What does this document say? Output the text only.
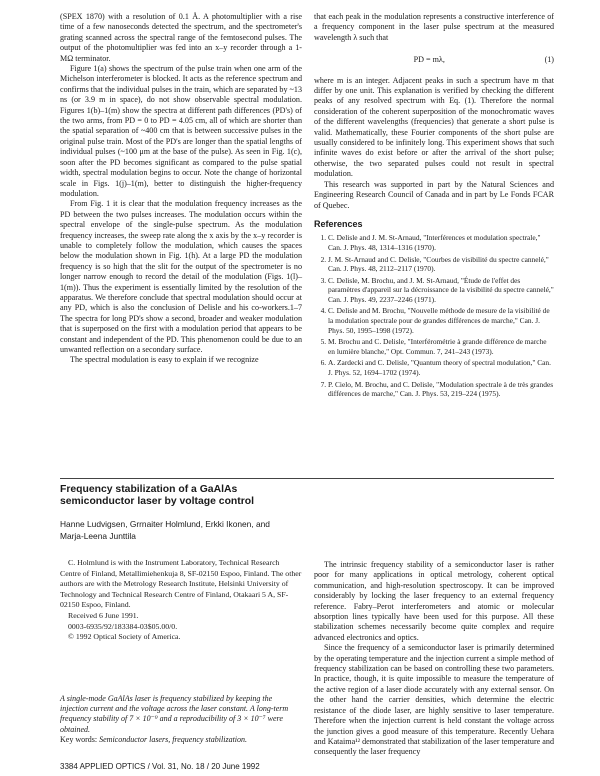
(SPEX 1870) with a resolution of 0.1 Å. A photomultiplier with a rise time of a few nanoseconds detected the spectrum, and the spectrometer's grating scanned across the spectral range of the femtosecond pulses. The output of the photomultiplier was fed into an x–y recorder through a 1-MΩ terminator.

Figure 1(a) shows the spectrum of the pulse train when one arm of the Michelson interferometer is blocked. It acts as the reference spectrum and confirms that the individual pulses in the train, which are separated by ~13 ns (or 3.9 m in space), do not show observable spectral modulation. Figures 1(b)–1(m) show the spectra at different path differences (PD's) of the two arms, from PD = 0 to PD = 4.05 cm, all of which are shorter than the spatial separation of ~400 cm that is between successive pulses in the original pulse train. Most of the PD's are longer than the spatial lengths of individual pulses (~100 μm at the base of the pulse). As seen in Fig. 1(c), soon after the PD becomes significant as compared to the pulse spatial width, spectral modulation begins to occur. Note the change of horizontal scale in Figs. 1(j)–1(m), better to distinguish the higher-frequency modulation.

From Fig. 1 it is clear that the modulation frequency increases as the PD between the two pulses increases. The modulation occurs within the spectral envelope of the single-pulse spectrum. As the modulation frequency increases, the sweep rate along the x axis by the x–y recorder is unable to completely follow the modulation, which causes the spaces below the modulation shown in Fig. 1(h). At a large PD the modulation frequency is so high that the slit for the output of the spectrometer is no longer narrow enough to record the detail of the modulation (Figs. 1(l)–1(m)). Thus the experiment is essentially limited by the resolution of the apparatus. We therefore conclude that spectral modulation should occur at any PD, which is also the conclusion of Delisle and his co-workers.1–7 The spectra for long PD's show a second, broader and weaker modulation that is superposed on the first with a modulation period that appears to be constant and independent of the PD. This phenomenon could be due to an unwanted reflection on a secondary surface.

The spectral modulation is easy to explain if we recognize

that each peak in the modulation represents a constructive interference of a frequency component in the laser pulse spectrum at the measured wavelength λ such that

PD = mλ,	(1)

where m is an integer. Adjacent peaks in such a spectrum have m that differ by one unit. This explanation is verified by checking the different peaks of any resolved spectrum with Eq. (1). Therefore the normal consideration of the coherent superposition of the monochromatic waves of the different wavelengths (frequencies) that generate a short pulse is valid. Mathematically, these Fourier components of the short pulse are usually considered to be infinitely long. This experiment shows that such infinite waves do exist before or after the arrival of the short pulse; otherwise, the two separated pulses could not result in spectral modulation.

This research was supported in part by the Natural Sciences and Engineering Research Council of Canada and in part by Le Fonds FCAR of Quebec.

References
1. C. Delisle and J. M. St-Arnaud, "Interférences et modulation spectrale," Can. J. Phys. 48, 1314–1316 (1970).
2. J. M. St-Arnaud and C. Delisle, "Courbes de visibilité du spectre cannelé," Can. J. Phys. 48, 2112–2117 (1970).
3. C. Delisle, M. Brochu, and J. M. St-Arnaud, "Étude de l'effet des paramètres d'appareil sur la décroissance de la visibilité du spectre cannelé," Can. J. Phys. 49, 2237–2246 (1971).
4. C. Delisle and M. Brochu, "Nouvelle méthode de mesure de la visibilité de la modulation spectrale pour de grandes différences de marche," Can. J. Phys. 50, 1995–1998 (1972).
5. M. Brochu and C. Delisle, "Interférométrie à grande différence de marche en lumière blanche," Opt. Commun. 7, 241–243 (1973).
6. A. Zardecki and C. Delisle, "Quantum theory of spectral modulation," Can. J. Phys. 52, 1694–1702 (1974).
7. P. Cielo, M. Brochu, and C. Delisle, "Modulation spectrale à de très grandes différences de marche," Can. J. Phys. 53, 219–224 (1975).
Frequency stabilization of a GaAlAs semiconductor laser by voltage control
Hanne Ludvigsen, Grrnaiter Holmlund, Erkki Ikonen, and
Marja-Leena Junttila

C. Holmlund is with the Instrument Laboratory, Technical Research Centre of Finland, Metallimiehenkuja 8, SF-02150 Espoo, Finland. The other authors are with the Metrology Research Institute, Helsinki University of Technology and Technical Research Centre of Finland, Otakaari 5 A, SF-02150 Espoo, Finland.

Received 6 June 1991.

0003-6935/92/183384-03$05.00/0.

© 1992 Optical Society of America.

A single-mode GaAlAs laser is frequency stabilized by keeping the injection current and the voltage across the laser constant. A long-term frequency stability of 7 × 10⁻⁹ and a reproducibility of 3 × 10⁻⁷ were obtained.

Key words: Semiconductor lasers, frequency stabilization.

The intrinsic frequency stability of a semiconductor laser is rather poor for many applications in optical metrology, coherent optical communication, and high-resolution spectroscopy. It can be improved considerably by locking the laser frequency to an external frequency reference. Fabry–Perot interferometers and atomic or molecular absorption lines typically have been used for this purpose. All these stabilization schemes necessarily become quite complex and require advanced electronics and optics.

Since the frequency of a semiconductor laser is primarily determined by the operating temperature and the injection current a simple method of frequency stabilization can be based on controlling these two parameters. In practice, though, it is quite impossible to measure the temperature of the active region of a laser diode accurately with any external sensor. On the other hand the carrier densities, which determine the electric resistance of the diode laser, are highly sensitive to laser temperature. Therefore when the injection current is held constant the voltage across the junction gives a good measure of this temperature. Recently Uehara and Kataima¹² demonstrated that stabilization of the laser temperature and consequently the laser frequency

3384 APPLIED OPTICS / Vol. 31, No. 18 / 20 June 1992
